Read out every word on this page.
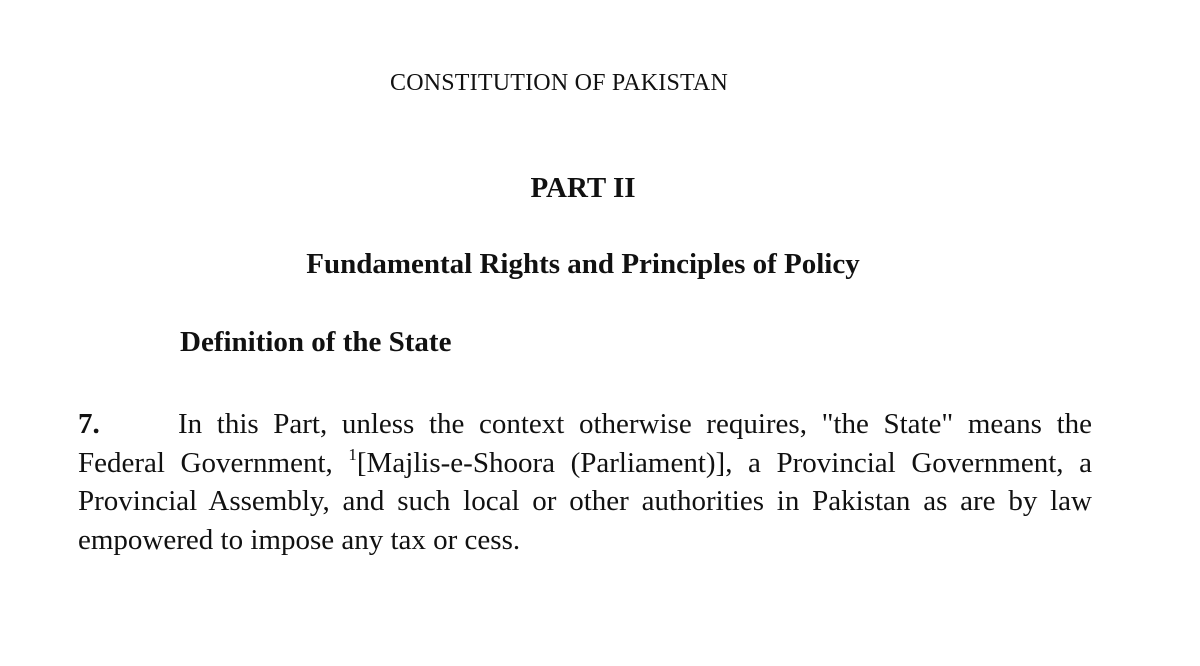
CONSTITUTION OF PAKISTAN
PART II
Fundamental Rights and Principles of Policy
Definition of the State

7.	In this Part, unless the context otherwise requires, "the State" means the Federal Government, $^1$[Majlis-e-Shoora (Parliament)], a Provincial Government, a Provincial Assembly, and such local or other authorities in Pakistan as are by law empowered to impose any tax or cess.
